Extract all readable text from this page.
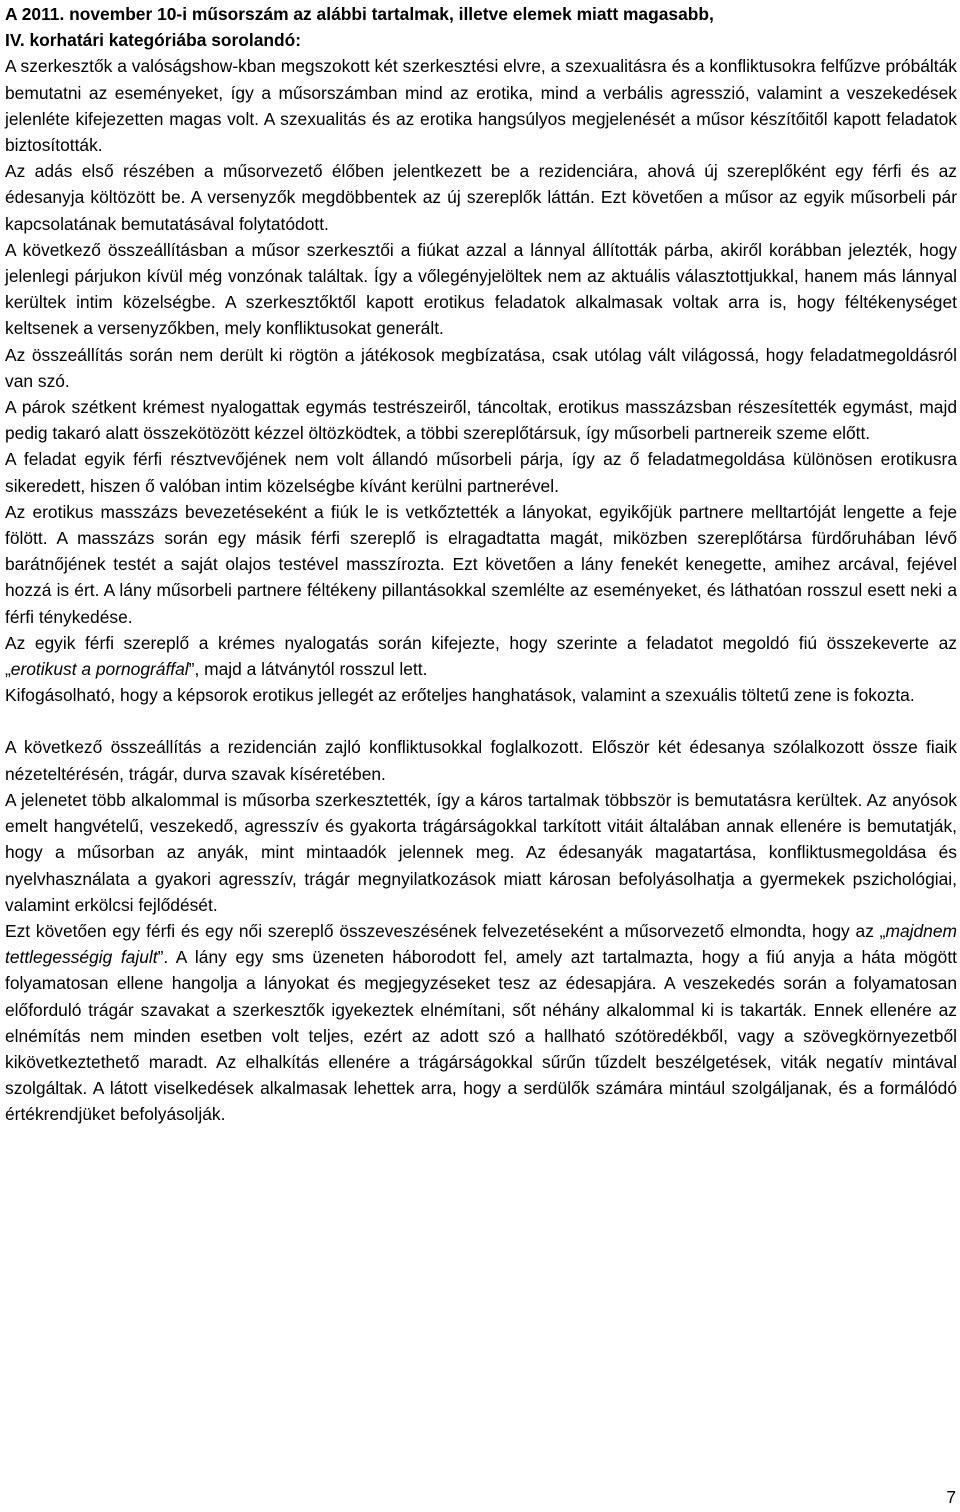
A 2011. november 10-i műsorszám az alábbi tartalmak, illetve elemek miatt magasabb,
IV. korhatári kategóriába sorolandó:

A szerkesztők a valóságshow-kban megszokott két szerkesztési elvre, a szexualitásra és a konfliktusokra felfűzve próbálták bemutatni az eseményeket, így a műsorszámban mind az erotika, mind a verbális agresszió, valamint a veszekedések jelenléte kifejezetten magas volt. A szexualitás és az erotika hangsúlyos megjelenését a műsor készítőitől kapott feladatok biztosították.

Az adás első részében a műsorvezető élőben jelentkezett be a rezidenciára, ahová új szereplőként egy férfi és az édesanyja költözött be. A versenyzők megdöbbentek az új szereplők láttán. Ezt követően a műsor az egyik műsorbeli pár kapcsolatának bemutatásával folytatódott.

A következő összeállításban a műsor szerkesztői a fiúkat azzal a lánnyal állították párba, akiről korábban jelezték, hogy jelenlegi párjukon kívül még vonzónak találtak. Így a vőlegényjelöltek nem az aktuális választottjukkal, hanem más lánnyal kerültek intim közelségbe. A szerkesztőktől kapott erotikus feladatok alkalmasak voltak arra is, hogy féltékenységet keltsenek a versenyzőkben, mely konfliktusokat generált.

Az összeállítás során nem derült ki rögtön a játékosok megbízatása, csak utólag vált világossá, hogy feladatmegoldásról van szó.

A párok szétkent krémest nyalogattak egymás testrészeiről, táncoltak, erotikus masszázsban részesítették egymást, majd pedig takaró alatt összekötözött kézzel öltözködtek, a többi szereplőtársuk, így műsorbeli partnereik szeme előtt.

A feladat egyik férfi résztvevőjének nem volt állandó műsorbeli párja, így az ő feladatmegoldása különösen erotikusra sikeredett, hiszen ő valóban intim közelségbe kívánt kerülni partnerével.

Az erotikus masszázs bevezetéseként a fiúk le is vetkőztették a lányokat, egyikőjük partnere melltartóját lengette a feje fölött. A masszázs során egy másik férfi szereplő is elragadtatta magát, miközben szereplőtársa fürdőruhában lévő barátnőjének testét a saját olajos testével masszírozta. Ezt követően a lány fenekét kenegette, amihez arcával, fejével hozzá is ért. A lány műsorbeli partnere féltékeny pillantásokkal szemlélte az eseményeket, és láthatóan rosszul esett neki a férfi ténykedése.

Az egyik férfi szereplő a krémes nyalogatás során kifejezte, hogy szerinte a feladatot megoldó fiú összekeverte az „erotikust a pornográffal”, majd a látványtól rosszul lett.

Kifogásolható, hogy a képsorok erotikus jellegét az erőteljes hanghatások, valamint a szexuális töltetű zene is fokozta.

A következő összeállítás a rezidencián zajló konfliktusokkal foglalkozott. Először két édesanya szólalkozott össze fiaik nézeteltérésén, trágár, durva szavak kíséretében.

A jelenetet több alkalommal is műsorba szerkesztették, így a káros tartalmak többször is bemutatásra kerültek. Az anyósok emelt hangvételű, veszekedő, agresszív és gyakorta trágárságokkal tarkított vitáit általában annak ellenére is bemutatják, hogy a műsorban az anyák, mint mintaadók jelennek meg. Az édesanyák magatartása, konfliktusmegoldása és nyelvhasználata a gyakori agresszív, trágár megnyilatkozások miatt károsan befolyásolhatja a gyermekek pszichológiai, valamint erkölcsi fejlődését.

Ezt követően egy férfi és egy női szereplő összeveszésének felvezetéseként a műsorvezető elmondta, hogy az „majdnem tettlegességig fajult”. A lány egy sms üzeneten háborodott fel, amely azt tartalmazta, hogy a fiú anyja a háta mögött folyamatosan ellene hangolja a lányokat és megjegyzéseket tesz az édesapjára. A veszekedés során a folyamatosan előforduló trágár szavakat a szerkesztők igyekeztek elnémítani, sőt néhány alkalommal ki is takarták. Ennek ellenére az elnémítás nem minden esetben volt teljes, ezért az adott szó a hallható szótöredékből, vagy a szövegkörnyezetből kikövetkeztethető maradt. Az elhalkítás ellenére a trágárságokkal sűrűn tűzdelt beszélgetések, viták negatív mintával szolgáltak. A látott viselkedések alkalmasak lehettek arra, hogy a serdülők számára mintául szolgáljanak, és a formálódó értékrendjüket befolyásolják.

7
